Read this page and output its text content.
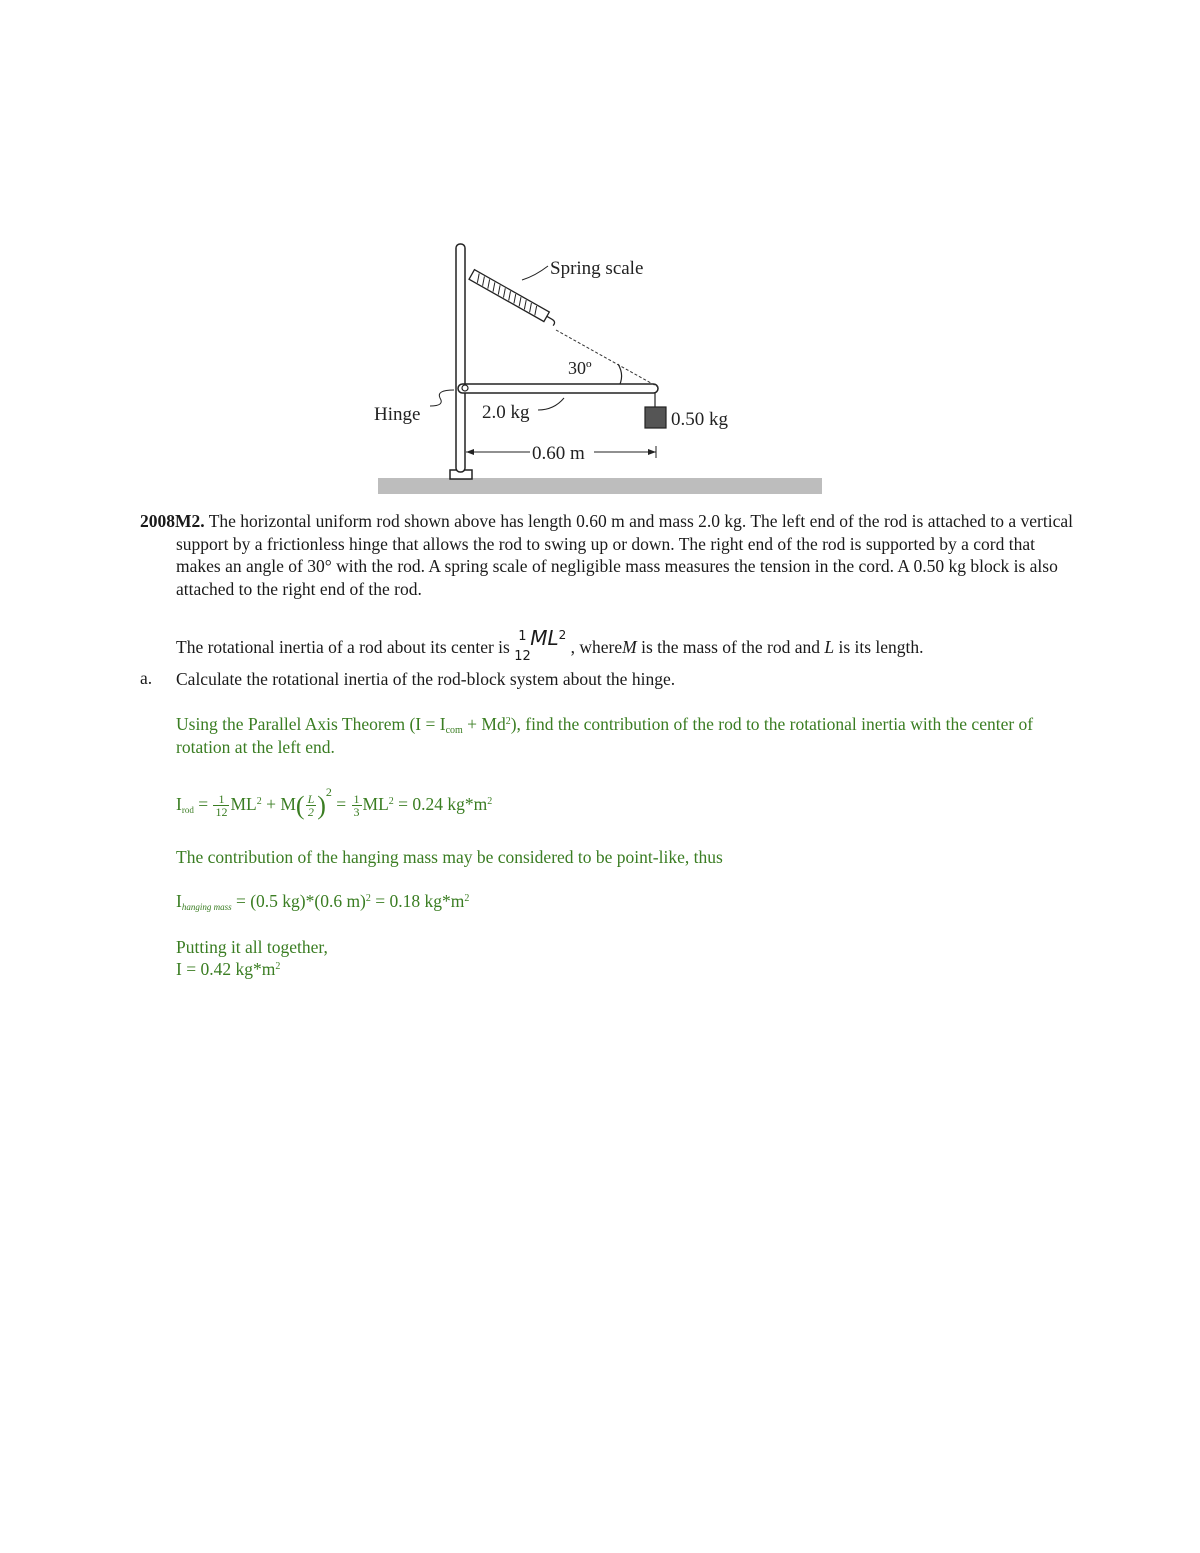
Spring scale
30º
Hinge	2.0 kg	0.50 kg
0.60 m

2008M2. The horizontal uniform rod shown above has length 0.60 m and mass 2.0 kg. The left end of the rod is attached to a vertical support by a frictionless hinge that allows the rod to swing up or down. The right end of the rod is supported by a cord that makes an angle of 30° with the rod. A spring scale of negligible mass measures the tension in the cord. A 0.50 kg block is also attached to the right end of the rod.

The rotational inertia of a rod about its center is
1
12
$ML^2$ , whereM is the mass of the rod and L is its length.

a. Calculate the rotational inertia of the rod-block system about the hinge.

Using the Parallel Axis Theorem $(I = I_{com} + Md^2)$, find the contribution of the rod to the rotational inertia with the center of rotation at the left end.

$I_{rod} = \frac{1}{12} ML^2 + M( \frac{L}{2} )^2 = \frac{1}{3} ML^2 = 0.24$ $kg*m^2$

The contribution of the hanging mass may be considered to be point-like, thus

$I_{hanging mass} = (0.5$ kg)*(0.6 m)$^2$ = 0.18 $kg*m^2$

Putting it all together,

I = 0.42 $kg*m^2$
